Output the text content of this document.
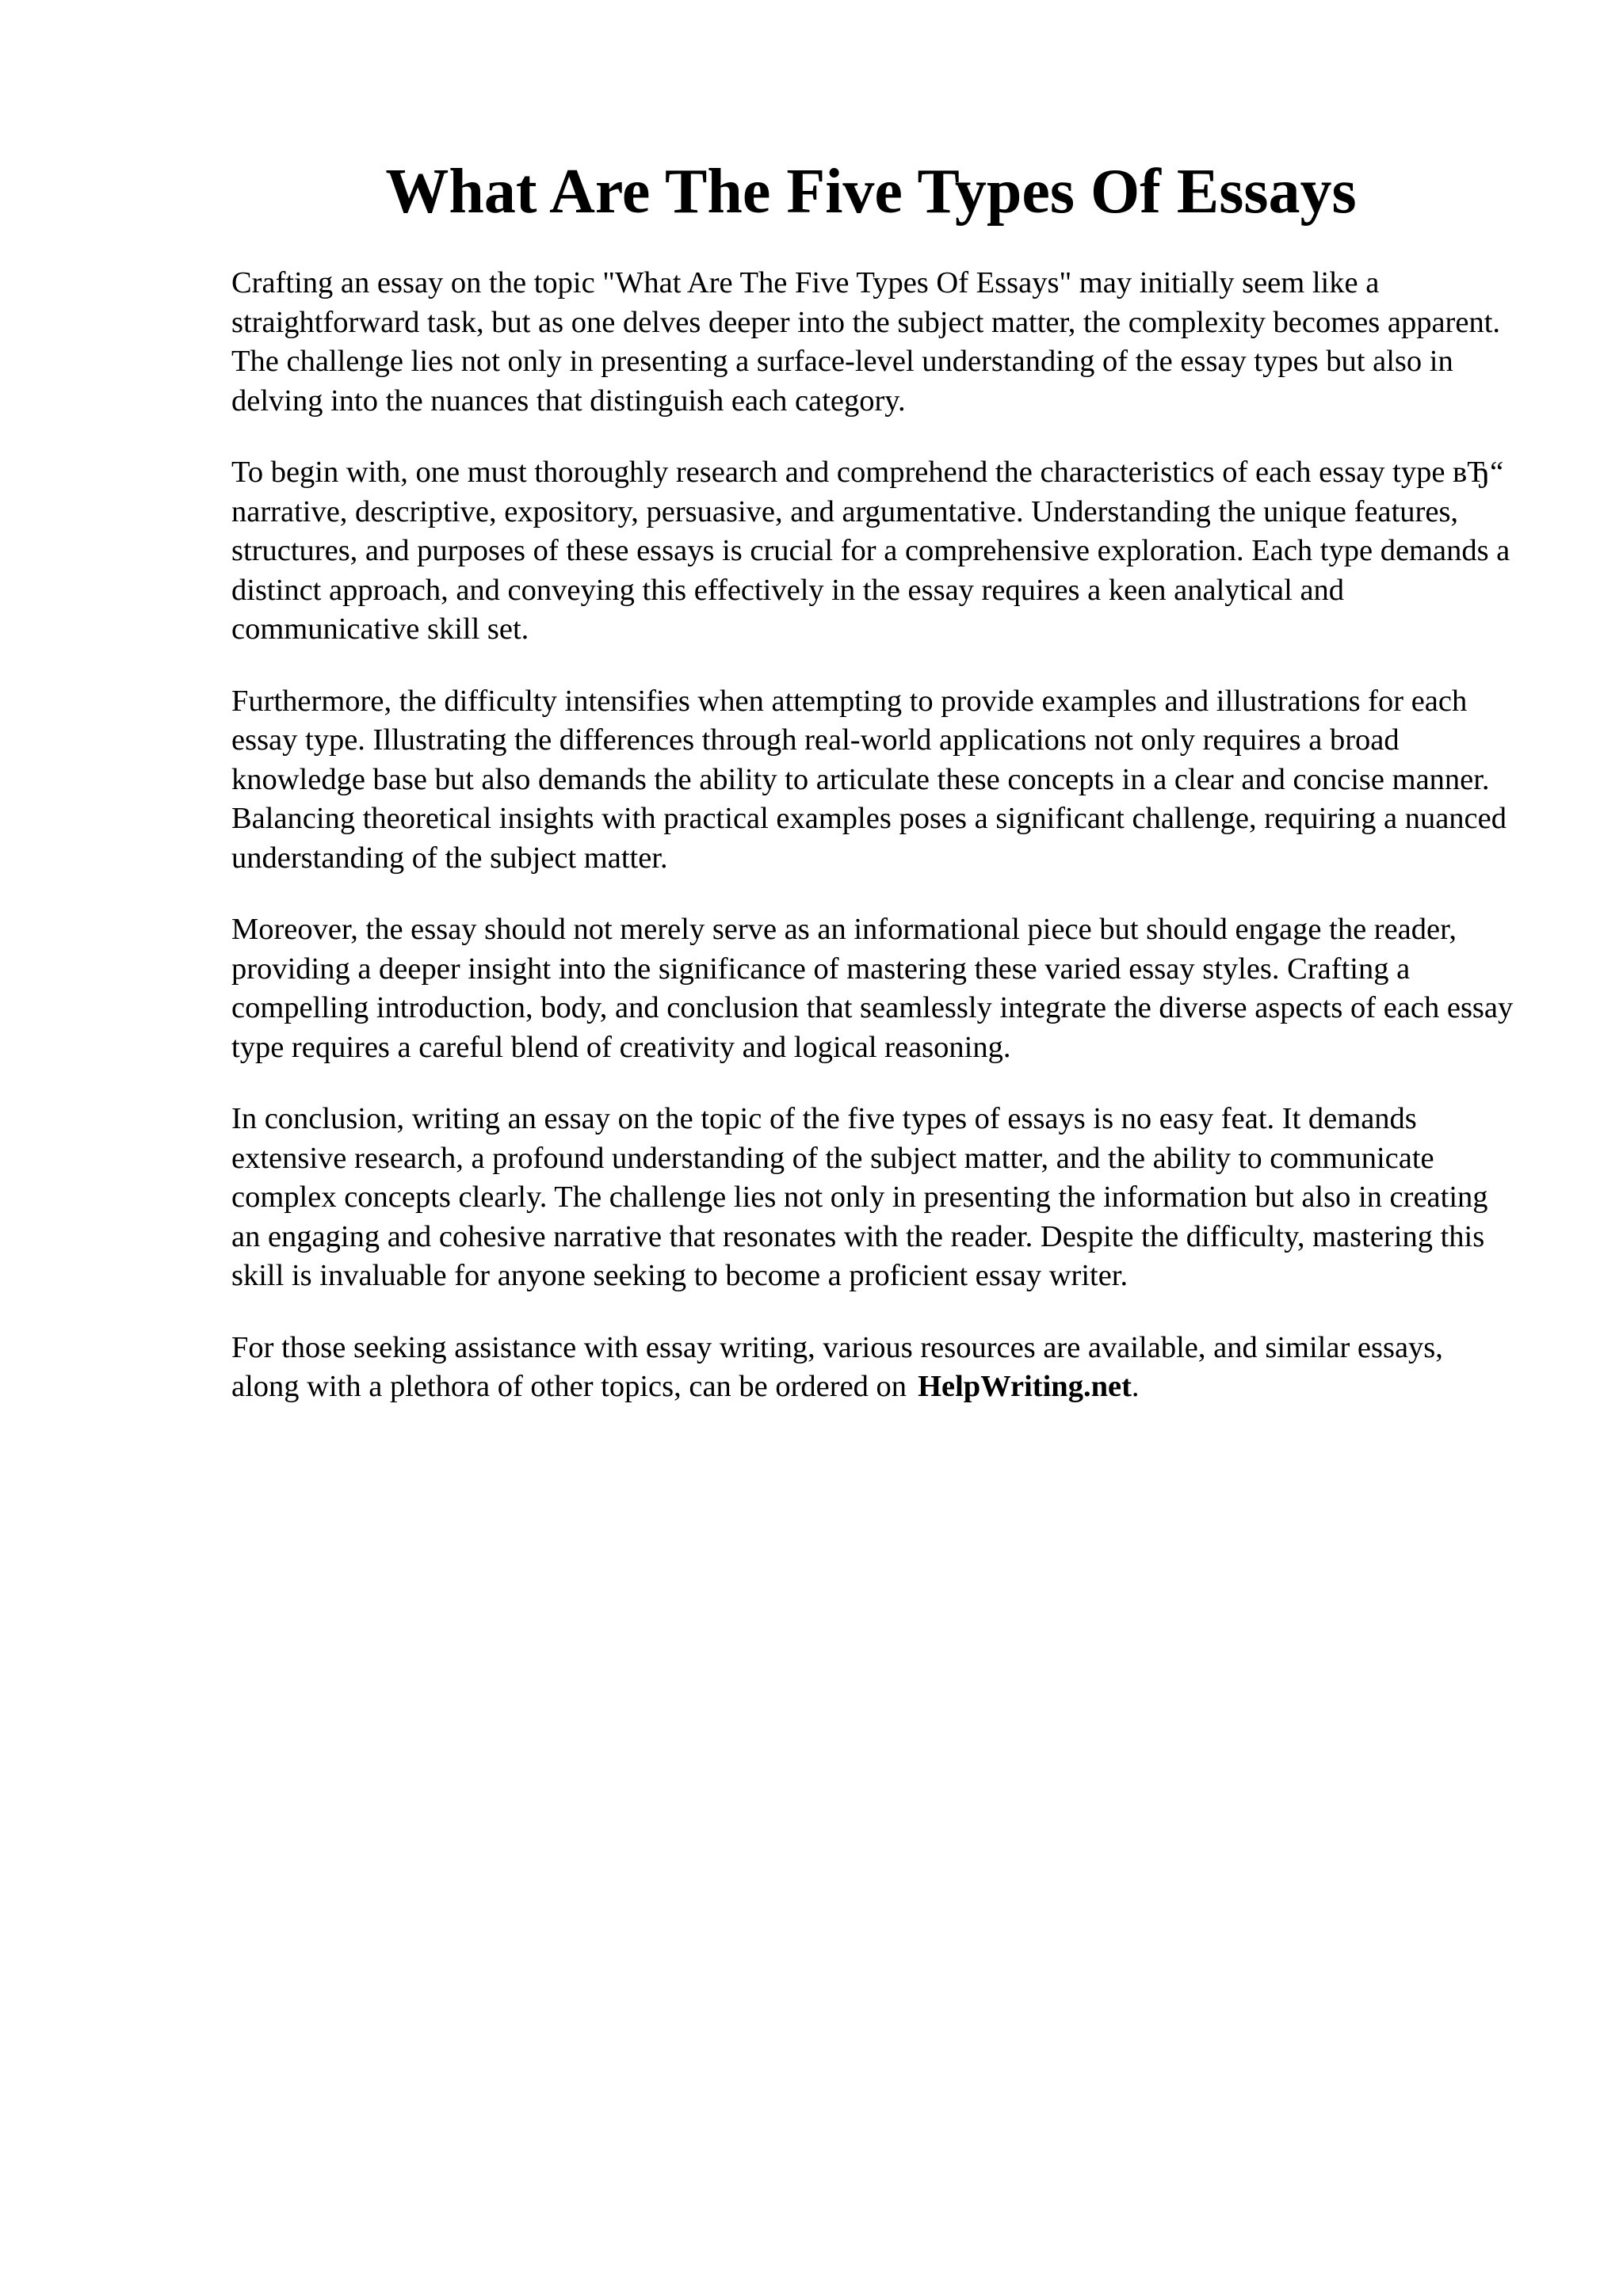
What Are The Five Types Of Essays

Crafting an essay on the topic "What Are The Five Types Of Essays" may initially seem like a straightforward task, but as one delves deeper into the subject matter, the complexity becomes apparent. The challenge lies not only in presenting a surface-level understanding of the essay types but also in delving into the nuances that distinguish each category.

To begin with, one must thoroughly research and comprehend the characteristics of each essay type вЂ“ narrative, descriptive, expository, persuasive, and argumentative. Understanding the unique features, structures, and purposes of these essays is crucial for a comprehensive exploration. Each type demands a distinct approach, and conveying this effectively in the essay requires a keen analytical and communicative skill set.

Furthermore, the difficulty intensifies when attempting to provide examples and illustrations for each essay type. Illustrating the differences through real-world applications not only requires a broad knowledge base but also demands the ability to articulate these concepts in a clear and concise manner. Balancing theoretical insights with practical examples poses a significant challenge, requiring a nuanced understanding of the subject matter.

Moreover, the essay should not merely serve as an informational piece but should engage the reader, providing a deeper insight into the significance of mastering these varied essay styles. Crafting a compelling introduction, body, and conclusion that seamlessly integrate the diverse aspects of each essay type requires a careful blend of creativity and logical reasoning.

In conclusion, writing an essay on the topic of the five types of essays is no easy feat. It demands extensive research, a profound understanding of the subject matter, and the ability to communicate complex concepts clearly. The challenge lies not only in presenting the information but also in creating an engaging and cohesive narrative that resonates with the reader. Despite the difficulty, mastering this skill is invaluable for anyone seeking to become a proficient essay writer.

For those seeking assistance with essay writing, various resources are available, and similar essays, along with a plethora of other topics, can be ordered on HelpWriting.net.
